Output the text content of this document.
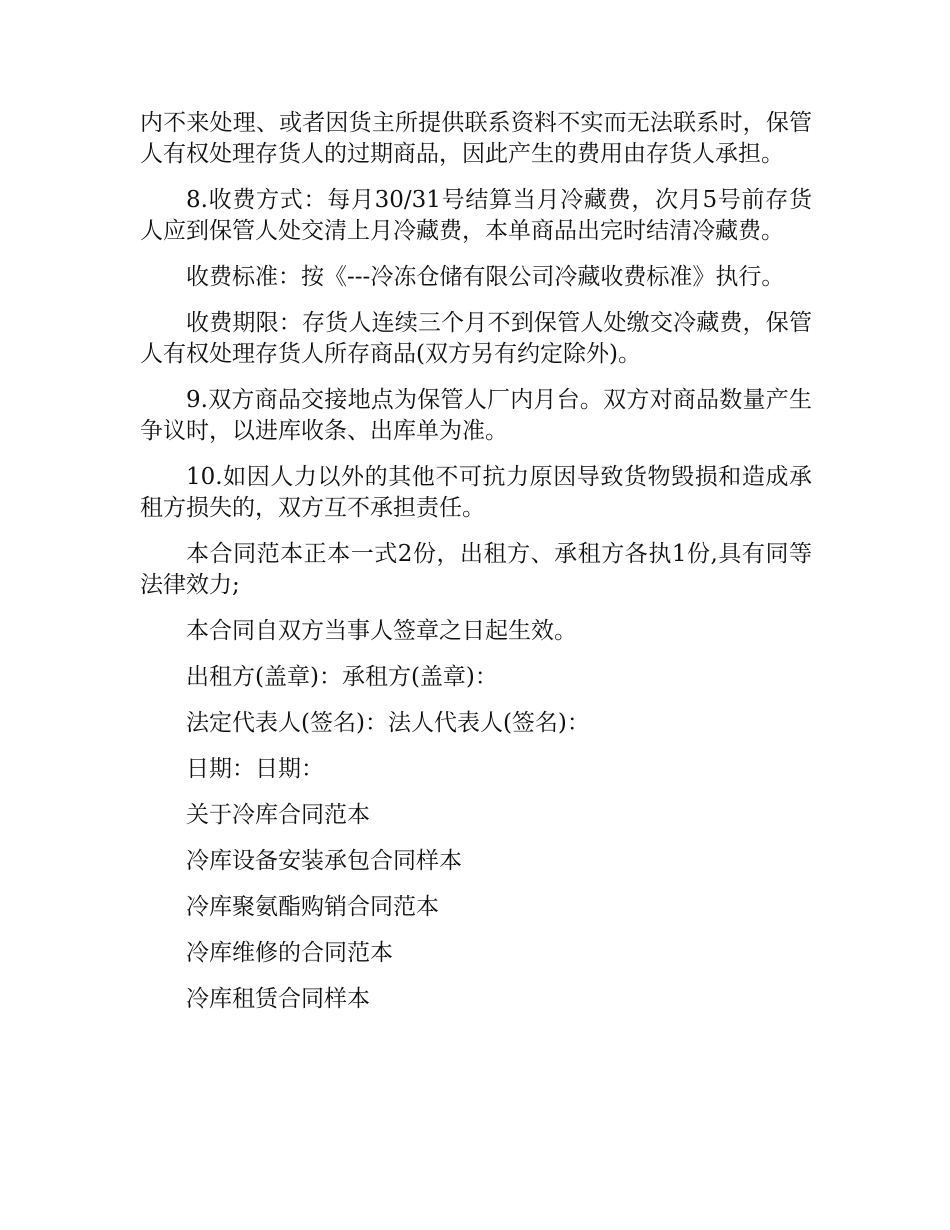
内不来处理、或者因货主所提供联系资料不实而无法联系时，保管人有权处理存货人的过期商品，因此产生的费用由存货人承担。

8.收费方式：每月30/31号结算当月冷藏费，次月5号前存货人应到保管人处交清上月冷藏费，本单商品出完时结清冷藏费。

收费标准：按《---冷冻仓储有限公司冷藏收费标准》执行。

收费期限：存货人连续三个月不到保管人处缴交冷藏费，保管人有权处理存货人所存商品(双方另有约定除外)。

9.双方商品交接地点为保管人厂内月台。双方对商品数量产生争议时，以进库收条、出库单为准。

10.如因人力以外的其他不可抗力原因导致货物毁损和造成承租方损失的，双方互不承担责任。

本合同范本正本一式2份，出租方、承租方各执1份,具有同等法律效力;

本合同自双方当事人签章之日起生效。

出租方(盖章)：承租方(盖章)：

法定代表人(签名)：法人代表人(签名)：

日期：日期：

关于冷库合同范本

冷库设备安装承包合同样本

冷库聚氨酯购销合同范本

冷库维修的合同范本

冷库租赁合同样本
